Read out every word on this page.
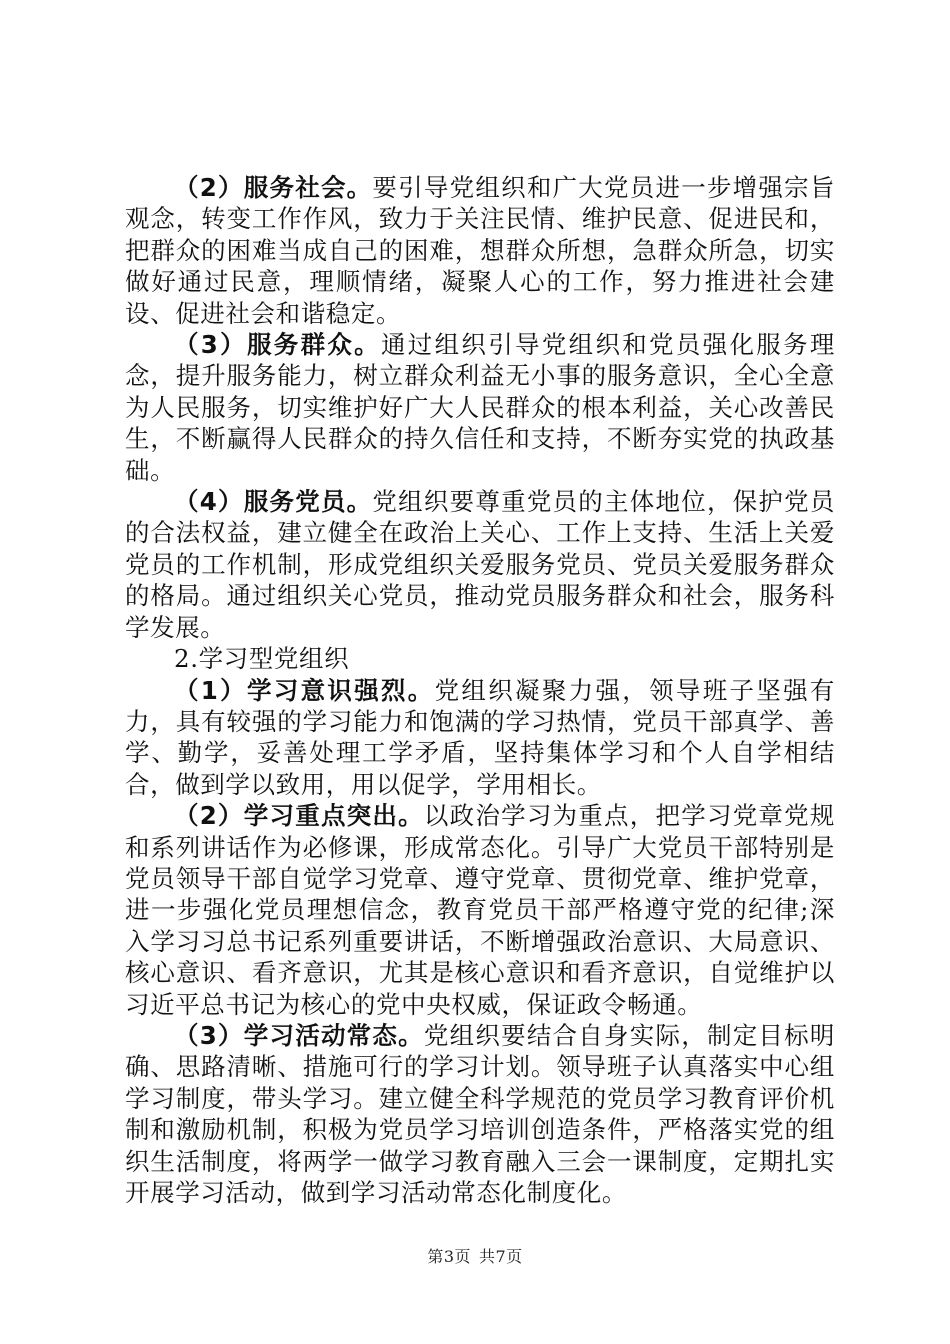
（2）服务社会。要引导党组织和广大党员进一步增强宗旨观念，转变工作作风，致力于关注民情、维护民意、促进民和，把群众的困难当成自己的困难，想群众所想，急群众所急，切实做好通过民意，理顺情绪，凝聚人心的工作，努力推进社会建设、促进社会和谐稳定。

（3）服务群众。通过组织引导党组织和党员强化服务理念，提升服务能力，树立群众利益无小事的服务意识，全心全意为人民服务，切实维护好广大人民群众的根本利益，关心改善民生，不断赢得人民群众的持久信任和支持，不断夯实党的执政基础。

（4）服务党员。党组织要尊重党员的主体地位，保护党员的合法权益，建立健全在政治上关心、工作上支持、生活上关爱党员的工作机制，形成党组织关爱服务党员、党员关爱服务群众的格局。通过组织关心党员，推动党员服务群众和社会，服务科学发展。

2.学习型党组织

（1）学习意识强烈。党组织凝聚力强，领导班子坚强有力，具有较强的学习能力和饱满的学习热情，党员干部真学、善学、勤学，妥善处理工学矛盾，坚持集体学习和个人自学相结合，做到学以致用，用以促学，学用相长。

（2）学习重点突出。以政治学习为重点，把学习党章党规和系列讲话作为必修课，形成常态化。引导广大党员干部特别是党员领导干部自觉学习党章、遵守党章、贯彻党章、维护党章，进一步强化党员理想信念，教育党员干部严格遵守党的纪律;深入学习习总书记系列重要讲话，不断增强政治意识、大局意识、核心意识、看齐意识，尤其是核心意识和看齐意识，自觉维护以习近平总书记为核心的党中央权威，保证政令畅通。

（3）学习活动常态。党组织要结合自身实际，制定目标明确、思路清晰、措施可行的学习计划。领导班子认真落实中心组学习制度，带头学习。建立健全科学规范的党员学习教育评价机制和激励机制，积极为党员学习培训创造条件，严格落实党的组织生活制度，将两学一做学习教育融入三会一课制度，定期扎实开展学习活动，做到学习活动常态化制度化。

第3页 共7页
